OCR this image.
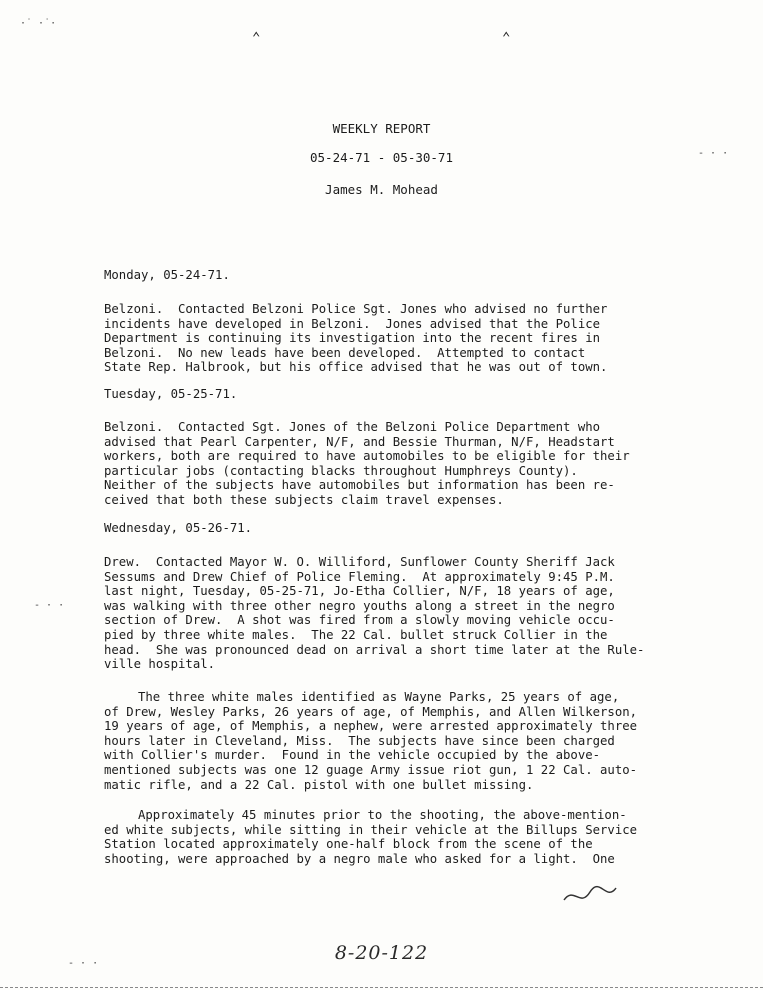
⌃	⌃
·˙ ·˙·
- · ·
- · ·
- · ·
WEEKLY REPORT
05-24-71 - 05-30-71
James M. Mohead
Monday, 05-24-71.
Belzoni.  Contacted Belzoni Police Sgt. Jones who advised no further
incidents have developed in Belzoni.  Jones advised that the Police
Department is continuing its investigation into the recent fires in
Belzoni.  No new leads have been developed.  Attempted to contact
State Rep. Halbrook, but his office advised that he was out of town.
Tuesday, 05-25-71.
Belzoni.  Contacted Sgt. Jones of the Belzoni Police Department who
advised that Pearl Carpenter, N/F, and Bessie Thurman, N/F, Headstart
workers, both are required to have automobiles to be eligible for their
particular jobs (contacting blacks throughout Humphreys County).
Neither of the subjects have automobiles but information has been re-
ceived that both these subjects claim travel expenses.
Wednesday, 05-26-71.
Drew.  Contacted Mayor W. O. Williford, Sunflower County Sheriff Jack
Sessums and Drew Chief of Police Fleming.  At approximately 9:45 P.M.
last night, Tuesday, 05-25-71, Jo-Etha Collier, N/F, 18 years of age,
was walking with three other negro youths along a street in the negro
section of Drew.  A shot was fired from a slowly moving vehicle occu-
pied by three white males.  The 22 Cal. bullet struck Collier in the
head.  She was pronounced dead on arrival a short time later at the Rule-
ville hospital.
The three white males identified as Wayne Parks, 25 years of age,
of Drew, Wesley Parks, 26 years of age, of Memphis, and Allen Wilkerson,
19 years of age, of Memphis, a nephew, were arrested approximately three
hours later in Cleveland, Miss.  The subjects have since been charged
with Collier's murder.  Found in the vehicle occupied by the above-
mentioned subjects was one 12 guage Army issue riot gun, 1 22 Cal. auto-
matic rifle, and a 22 Cal. pistol with one bullet missing.
Approximately 45 minutes prior to the shooting, the above-mention-
ed white subjects, while sitting in their vehicle at the Billups Service
Station located approximately one-half block from the scene of the
shooting, were approached by a negro male who asked for a light.  One
8-20-122
